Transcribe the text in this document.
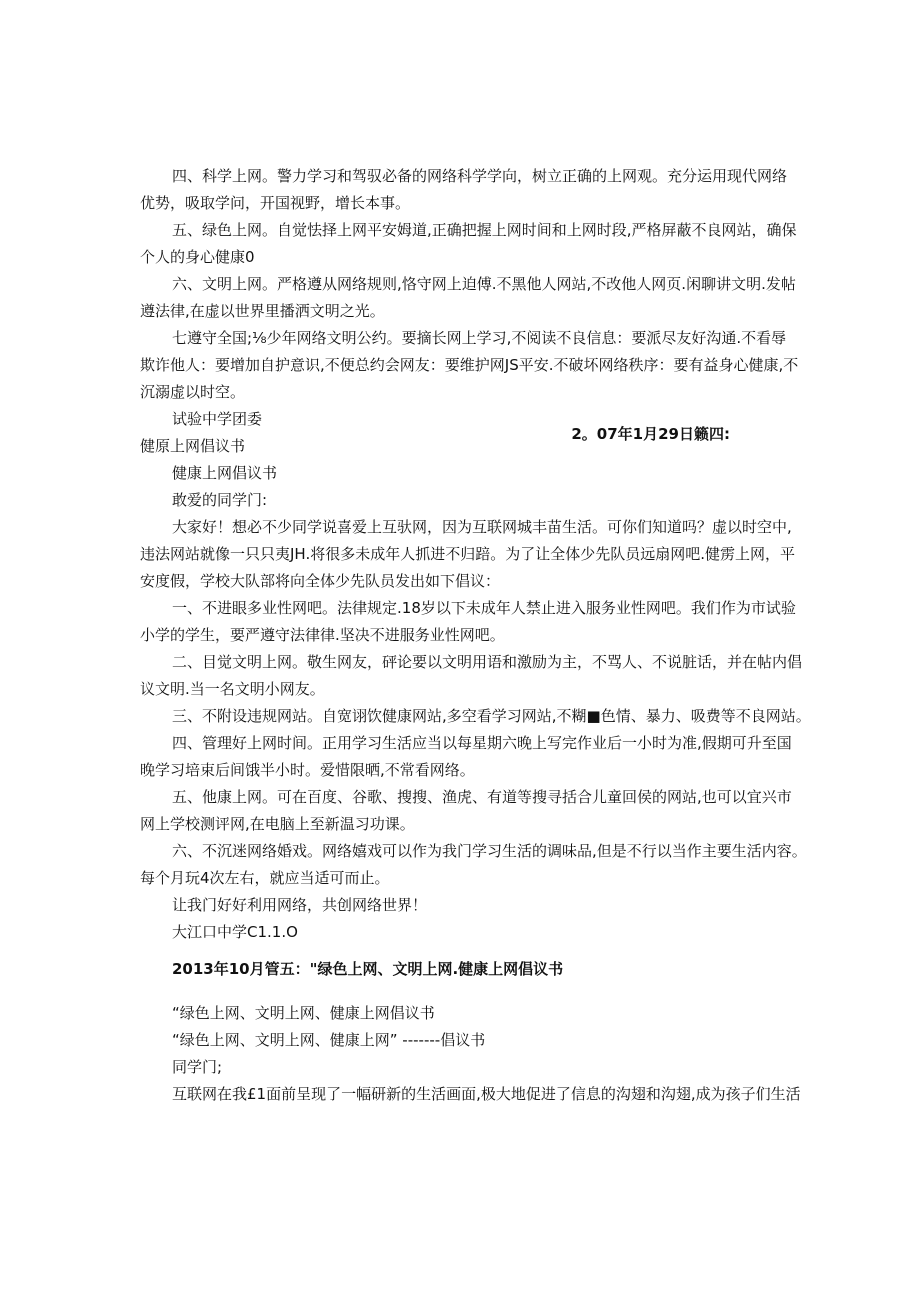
四、科学上网。警力学习和驾驭必备的网络科学学向，树立正确的上网观。充分运用现代网络

优势，吸取学问，开国视野，增长本事。

五、绿色上网。自觉怯择上网平安姆道,正确把握上网时间和上网时段,严格屏蔽不良网站，确保

个人的身心健康0

六、文明上网。严格遵从网络规则,恪守网上迫傅.不黑他人网站,不改他人网页.闲聊讲文明.发帖

遵法律,在虚以世界里播洒文明之光。

七遵守全国;⅛少年网络文明公约。要摘长网上学习,不阅读不良信息：要派尽友好沟通.不看辱

欺诈他人：要增加自护意识,不便总约会网友：要维护网JS平安.不破坏网络秩序：要有益身心健康,不

沉溺虚以时空。

试验中学团委

2。07年1月29日籁四:

健原上网倡议书

健康上网倡议书

敢爱的同学门:

大家好！想必不少同学说喜爱上互驮网，因为互联网城丰苗生活。可你们知道吗？虚以时空中,

违法网站就像一只只夷JH.将很多未成年人抓进不归踣。为了让全体少先队员远扇网吧.健雳上网，平

安度假，学校大队部将向全体少先队员发出如下倡议：

一、不进眼多业性网吧。法律规定.18岁以下未成年人禁止进入服务业性网吧。我们作为市试验

小学的学生，要严遵守法律律.坚决不进服务业性网吧。

二、目觉文明上网。敬生网友，砰论要以文明用语和激励为主，不骂人、不说脏话，并在帖内倡

议文明.当一名文明小网友。

三、不附设违规网站。自宽诩饮健康网站,多空看学习网站,不糊■色情、暴力、吸费等不良网站。

四、管理好上网时间。正用学习生活应当以每星期六晚上写完作业后一小时为准,假期可升至国

晚学习培束后间饿半小时。爱惜限晒,不常看网络。

五、他康上网。可在百度、谷歌、搜搜、渔虎、有道等搜寻括合儿童回侯的网站,也可以宜兴市

网上学校测评网,在电脑上至新温习功课。

六、不沉迷网络婚戏。网络嬉戏可以作为我门学习生活的调味品,但是不行以当作主要生活内容。

每个月玩4次左右，就应当适可而止。

让我门好好利用网络，共创网络世界！

大江口中学C1.1.O

2013年10月管五："绿色上网、文明上网.健康上网倡议书

“绿色上网、文明上网、健康上网倡议书

“绿色上网、文明上网、健康上网” -------倡议书

同学门;

互联网在我£1面前呈现了一幅研新的生活画面,极大地促进了信息的沟翅和沟翅,成为孩子们生活
